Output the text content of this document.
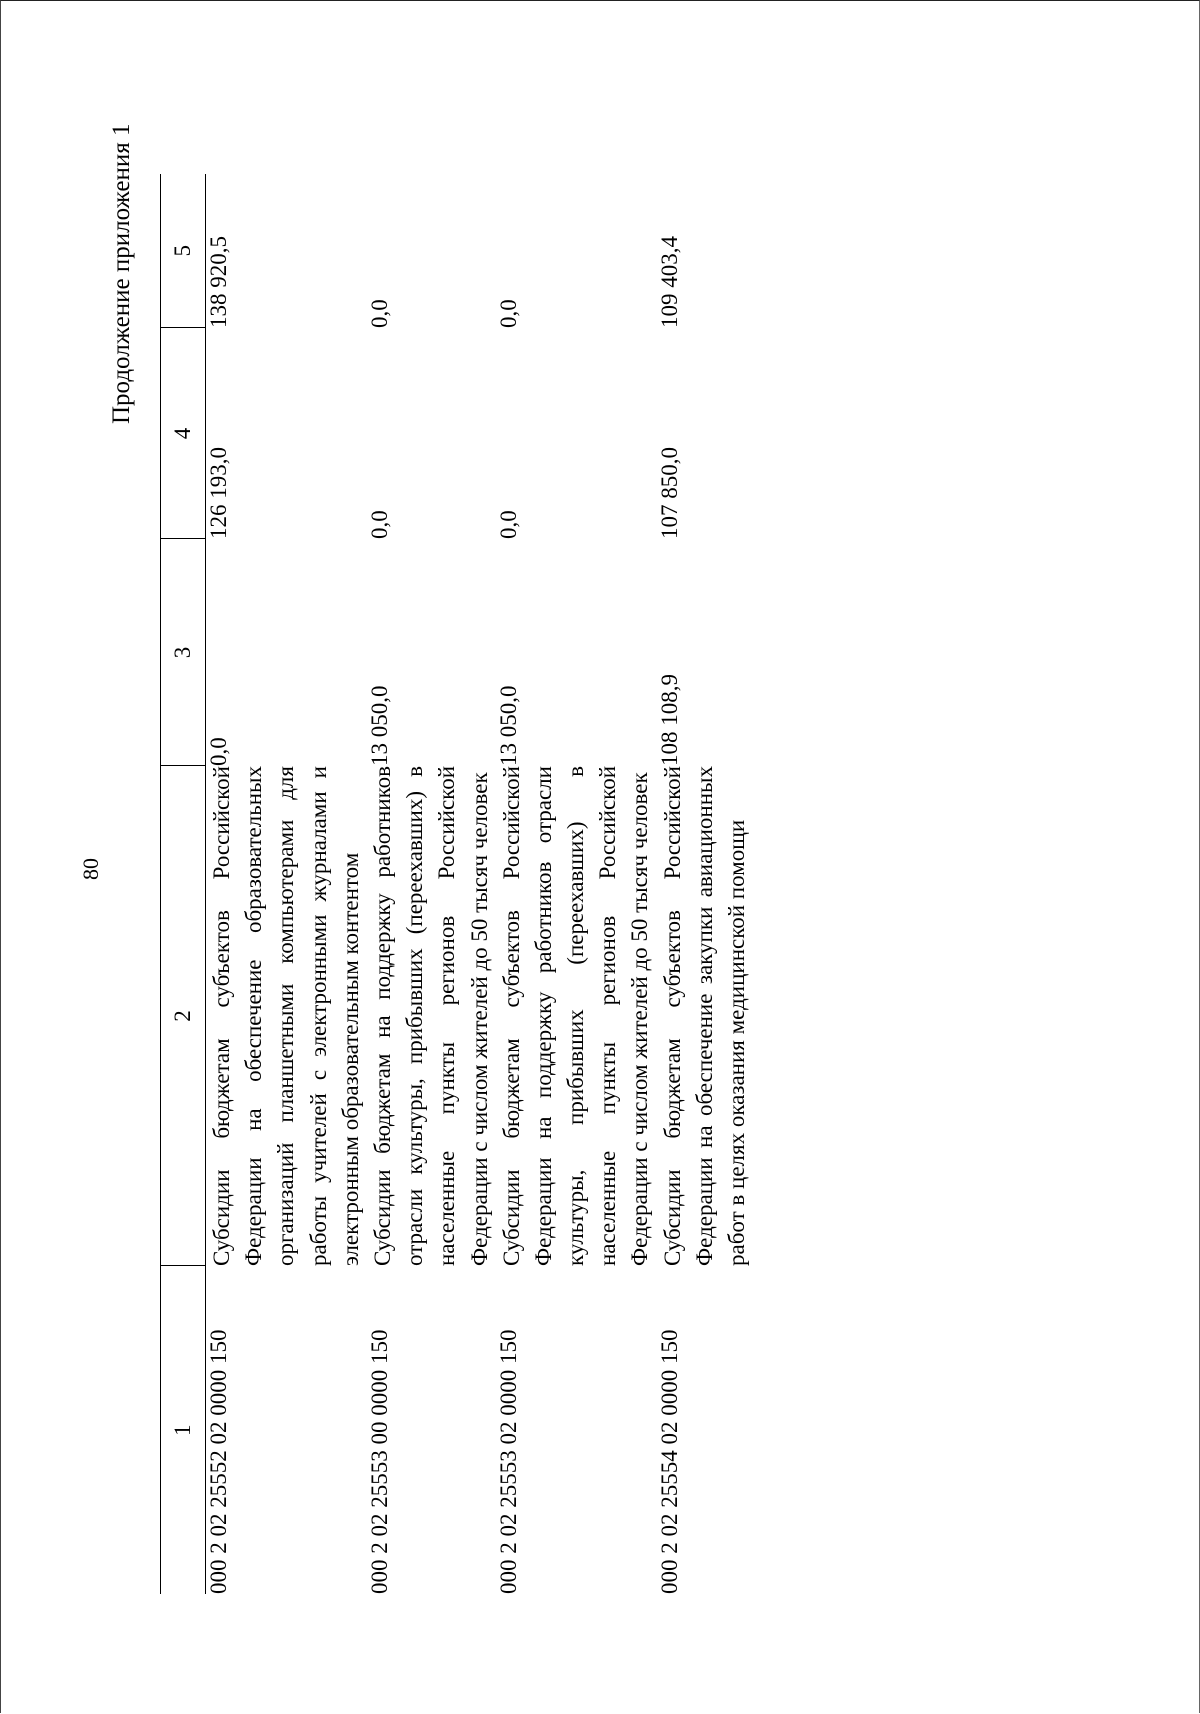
80
Продолжение приложения 1
1	2	3	4	5
000 2 02 25552 02 0000 150	Субсидии бюджетам субъектов Российской Федерации на обеспечение образовательных организаций планшетными компьютерами для работы учителей с электронными журналами и электронным образовательным контентом	0,0	126 193,0	138 920,5
000 2 02 25553 00 0000 150	Субсидии бюджетам на поддержку работников отрасли культуры, прибывших (переехавших) в населенные пункты регионов Российской Федерации с числом жителей до 50 тысяч человек	13 050,0	0,0	0,0
000 2 02 25553 02 0000 150	Субсидии бюджетам субъектов Российской Федерации на поддержку работников отрасли культуры, прибывших (переехавших) в населенные пункты регионов Российской Федерации с числом жителей до 50 тысяч человек	13 050,0	0,0	0,0
000 2 02 25554 02 0000 150	Субсидии бюджетам субъектов Российской Федерации на обеспечение закупки авиационных работ в целях оказания медицинской помощи	108 108,9	107 850,0	109 403,4
